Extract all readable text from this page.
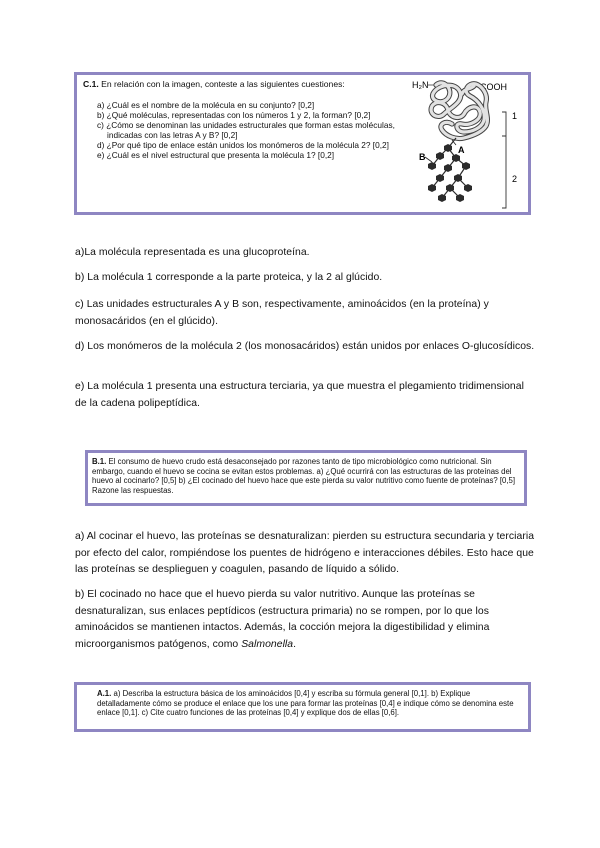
C.1. En relación con la imagen, conteste a las siguientes cuestiones:
a) ¿Cuál es el nombre de la molécula en su conjunto? [0,2]
b) ¿Qué moléculas, representadas con los números 1 y 2, la forman? [0,2]
c) ¿Cómo se denominan las unidades estructurales que forman estas moléculas,
indicadas con las letras A y B? [0,2]
d) ¿Por qué tipo de enlace están unidos los monómeros de la molécula 2? [0,2]
e) ¿Cuál es el nivel estructural que presenta la molécula 1? [0,2]
H₂N	COOH
A
B
1
2

a)La molécula representada es una glucoproteína.

b) La molécula 1 corresponde a la parte proteica, y la 2 al glúcido.

c) Las unidades estructurales A y B son, respectivamente, aminoácidos (en la proteína) y monosacáridos (en el glúcido).

d) Los monómeros de la molécula 2 (los monosacáridos) están unidos por enlaces O-glucosídicos.

e) La molécula 1 presenta una estructura terciaria, ya que muestra el plegamiento tridimensional de la cadena polipeptídica.

B.1. El consumo de huevo crudo está desaconsejado por razones tanto de tipo microbiológico como nutricional. Sin embargo, cuando el huevo se cocina se evitan estos problemas. a) ¿Qué ocurrirá con las estructuras de las proteínas del huevo al cocinarlo? [0,5] b) ¿El cocinado del huevo hace que este pierda su valor nutritivo como fuente de proteínas? [0,5] Razone las respuestas.

a) Al cocinar el huevo, las proteínas se desnaturalizan: pierden su estructura secundaria y terciaria por efecto del calor, rompiéndose los puentes de hidrógeno e interacciones débiles. Esto hace que las proteínas se desplieguen y coagulen, pasando de líquido a sólido.

b) El cocinado no hace que el huevo pierda su valor nutritivo. Aunque las proteínas se desnaturalizan, sus enlaces peptídicos (estructura primaria) no se rompen, por lo que los aminoácidos se mantienen intactos. Además, la cocción mejora la digestibilidad y elimina microorganismos patógenos, como Salmonella.

A.1. a) Describa la estructura básica de los aminoácidos [0,4] y escriba su fórmula general [0,1]. b) Explique detalladamente cómo se produce el enlace que los une para formar las proteínas [0,4] e indique cómo se denomina este enlace [0,1]. c) Cite cuatro funciones de las proteínas [0,4] y explique dos de ellas [0,6].
